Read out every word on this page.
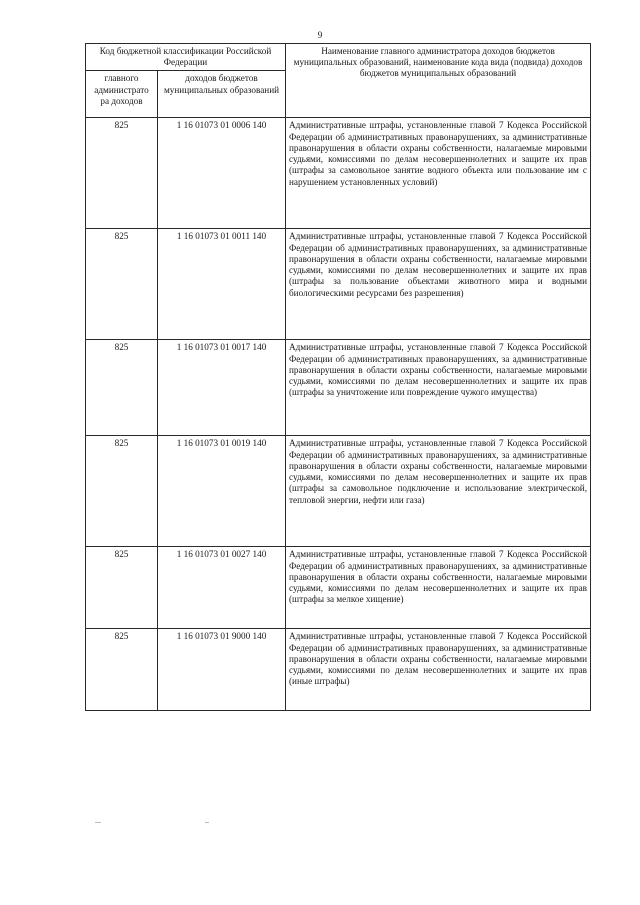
9
Код бюджетной классификации Российской Федерации		Наименование главного администратора доходов бюджетов муниципальных образований, наименование кода вида (подвида) доходов бюджетов муниципальных образований
главного администрато ра доходов	доходов бюджетов муниципальных образований	
825	1 16 01073 01 0006 140	Административные штрафы, установленные главой 7 Кодекса Российской Федерации об административных правонарушениях, за административные правонарушения в области охраны собственности, налагаемые мировыми судьями, комиссиями по делам несовершеннолетних и защите их прав (штрафы за самовольное занятие водного объекта или пользование им с нарушением установленных условий)
825	1 16 01073 01 0011 140	Административные штрафы, установленные главой 7 Кодекса Российской Федерации об административных правонарушениях, за административные правонарушения в области охраны собственности, налагаемые мировыми судьями, комиссиями по делам несовершеннолетних и защите их прав (штрафы за пользование объектами животного мира и водными биологическими ресурсами без разрешения)
825	1 16 01073 01 0017 140	Административные штрафы, установленные главой 7 Кодекса Российской Федерации об административных правонарушениях, за административные правонарушения в области охраны собственности, налагаемые мировыми судьями, комиссиями по делам несовершеннолетних и защите их прав (штрафы за уничтожение или повреждение чужого имущества)
825	1 16 01073 01 0019 140	Административные штрафы, установленные главой 7 Кодекса Российской Федерации об административных правонарушениях, за административные правонарушения в области охраны собственности, налагаемые мировыми судьями, комиссиями по делам несовершеннолетних и защите их прав (штрафы за самовольное подключение и использование электрической, тепловой энергии, нефти или газа)
825	1 16 01073 01 0027 140	Административные штрафы, установленные главой 7 Кодекса Российской Федерации об административных правонарушениях, за административные правонарушения в области охраны собственности, налагаемые мировыми судьями, комиссиями по делам несовершеннолетних и защите их прав (штрафы за мелкое хищение)
825	1 16 01073 01 9000 140	Административные штрафы, установленные главой 7 Кодекса Российской Федерации об административных правонарушениях, за административные правонарушения в области охраны собственности, налагаемые мировыми судьями, комиссиями по делам несовершеннолетних и защите их прав (иные штрафы)
